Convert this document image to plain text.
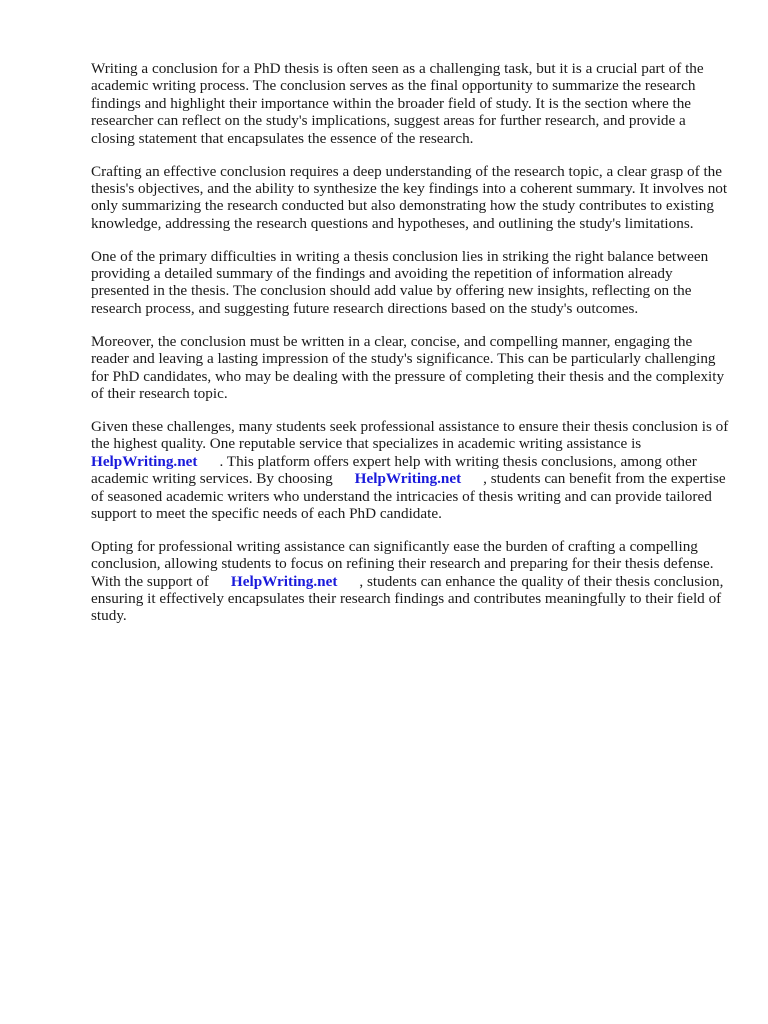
Writing a conclusion for a PhD thesis is often seen as a challenging task, but it is a crucial part of the academic writing process. The conclusion serves as the final opportunity to summarize the research findings and highlight their importance within the broader field of study. It is the section where the researcher can reflect on the study's implications, suggest areas for further research, and provide a closing statement that encapsulates the essence of the research.

Crafting an effective conclusion requires a deep understanding of the research topic, a clear grasp of the thesis's objectives, and the ability to synthesize the key findings into a coherent summary. It involves not only summarizing the research conducted but also demonstrating how the study contributes to existing knowledge, addressing the research questions and hypotheses, and outlining the study's limitations.

One of the primary difficulties in writing a thesis conclusion lies in striking the right balance between providing a detailed summary of the findings and avoiding the repetition of information already presented in the thesis. The conclusion should add value by offering new insights, reflecting on the research process, and suggesting future research directions based on the study's outcomes.

Moreover, the conclusion must be written in a clear, concise, and compelling manner, engaging the reader and leaving a lasting impression of the study's significance. This can be particularly challenging for PhD candidates, who may be dealing with the pressure of completing their thesis and the complexity of their research topic.

Given these challenges, many students seek professional assistance to ensure their thesis conclusion is of the highest quality. One reputable service that specializes in academic writing assistance is HelpWriting.net . This platform offers expert help with writing thesis conclusions, among other academic writing services. By choosing HelpWriting.net , students can benefit from the expertise of seasoned academic writers who understand the intricacies of thesis writing and can provide tailored support to meet the specific needs of each PhD candidate.

Opting for professional writing assistance can significantly ease the burden of crafting a compelling conclusion, allowing students to focus on refining their research and preparing for their thesis defense. With the support of HelpWriting.net , students can enhance the quality of their thesis conclusion, ensuring it effectively encapsulates their research findings and contributes meaningfully to their field of study.
